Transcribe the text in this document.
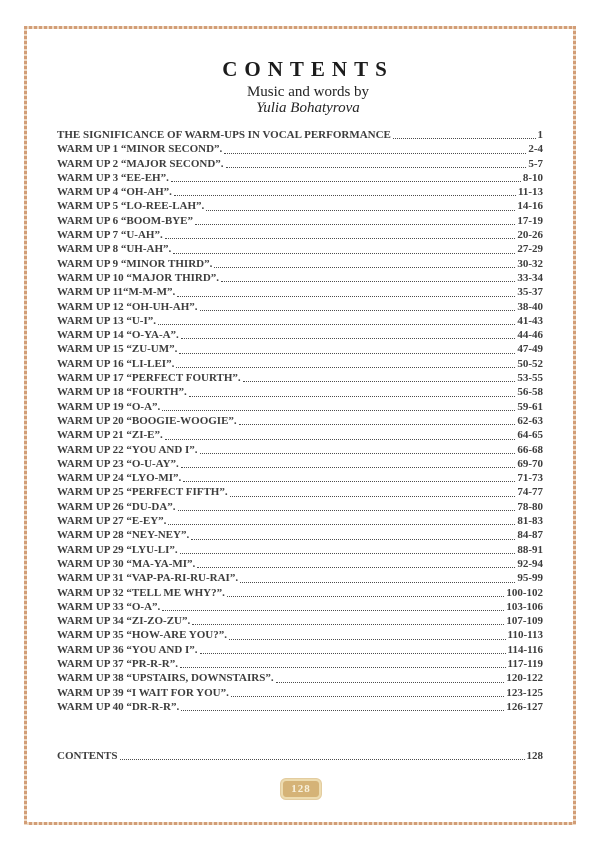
CONTENTS
Music and words by
Yulia Bohatyrova
THE SIGNIFICANCE OF WARM-UPS IN VOCAL PERFORMANCE	1
WARM UP 1 “MINOR SECOND”.	2-4
WARM UP 2 “MAJOR SECOND”.	5-7
WARM UP 3 “EE-EH”.	8-10
WARM UP 4 “OH-AH”.	11-13
WARM UP 5 “LO-REE-LAH”.	14-16
WARM UP 6 “BOOM-BYE”	17-19
WARM UP 7 “U-AH”.	20-26
WARM UP 8 “UH-AH”.	27-29
WARM UP 9 “MINOR THIRD”.	30-32
WARM UP 10 “MAJOR THIRD”.	33-34
WARM UP 11“M-M-M”.	35-37
WARM UP 12 “OH-UH-AH”.	38-40
WARM UP 13 “U-I”.	41-43
WARM UP 14 “O-YA-A”.	44-46
WARM UP 15 “ZU-UM”.	47-49
WARM UP 16 “LI-LEI”.	50-52
WARM UP 17 “PERFECT FOURTH”.	53-55
WARM UP 18 “FOURTH”.	56-58
WARM UP 19 “O-A”.	59-61
WARM UP 20 “BOOGIE-WOOGIE”.	62-63
WARM UP 21 “ZI-E”.	64-65
WARM UP 22 “YOU AND I”.	66-68
WARM UP 23 “O-U-AY”.	69-70
WARM UP 24 “LYO-MI”.	71-73
WARM UP 25 “PERFECT FIFTH”.	74-77
WARM UP 26 “DU-DA”.	78-80
WARM UP 27 “E-EY”.	81-83
WARM UP 28 “NEY-NEY”.	84-87
WARM UP 29 “LYU-LI”.	88-91
WARM UP 30 “MA-YA-MI”.	92-94
WARM UP 31 “VAP-PA-RI-RU-RAI”.	95-99
WARM UP 32 “TELL ME WHY?”.	100-102
WARM UP 33 “O-A”.	103-106
WARM UP 34 “ZI-ZO-ZU”.	107-109
WARM UP 35 “HOW-ARE YOU?”.	110-113
WARM UP 36 “YOU AND I”.	114-116
WARM UP 37 “PR-R-R”.	117-119
WARM UP 38 “UPSTAIRS, DOWNSTAIRS”.	120-122
WARM UP 39 “I WAIT FOR YOU”.	123-125
WARM UP 40 “DR-R-R”.	126-127
CONTENTS	128
128
